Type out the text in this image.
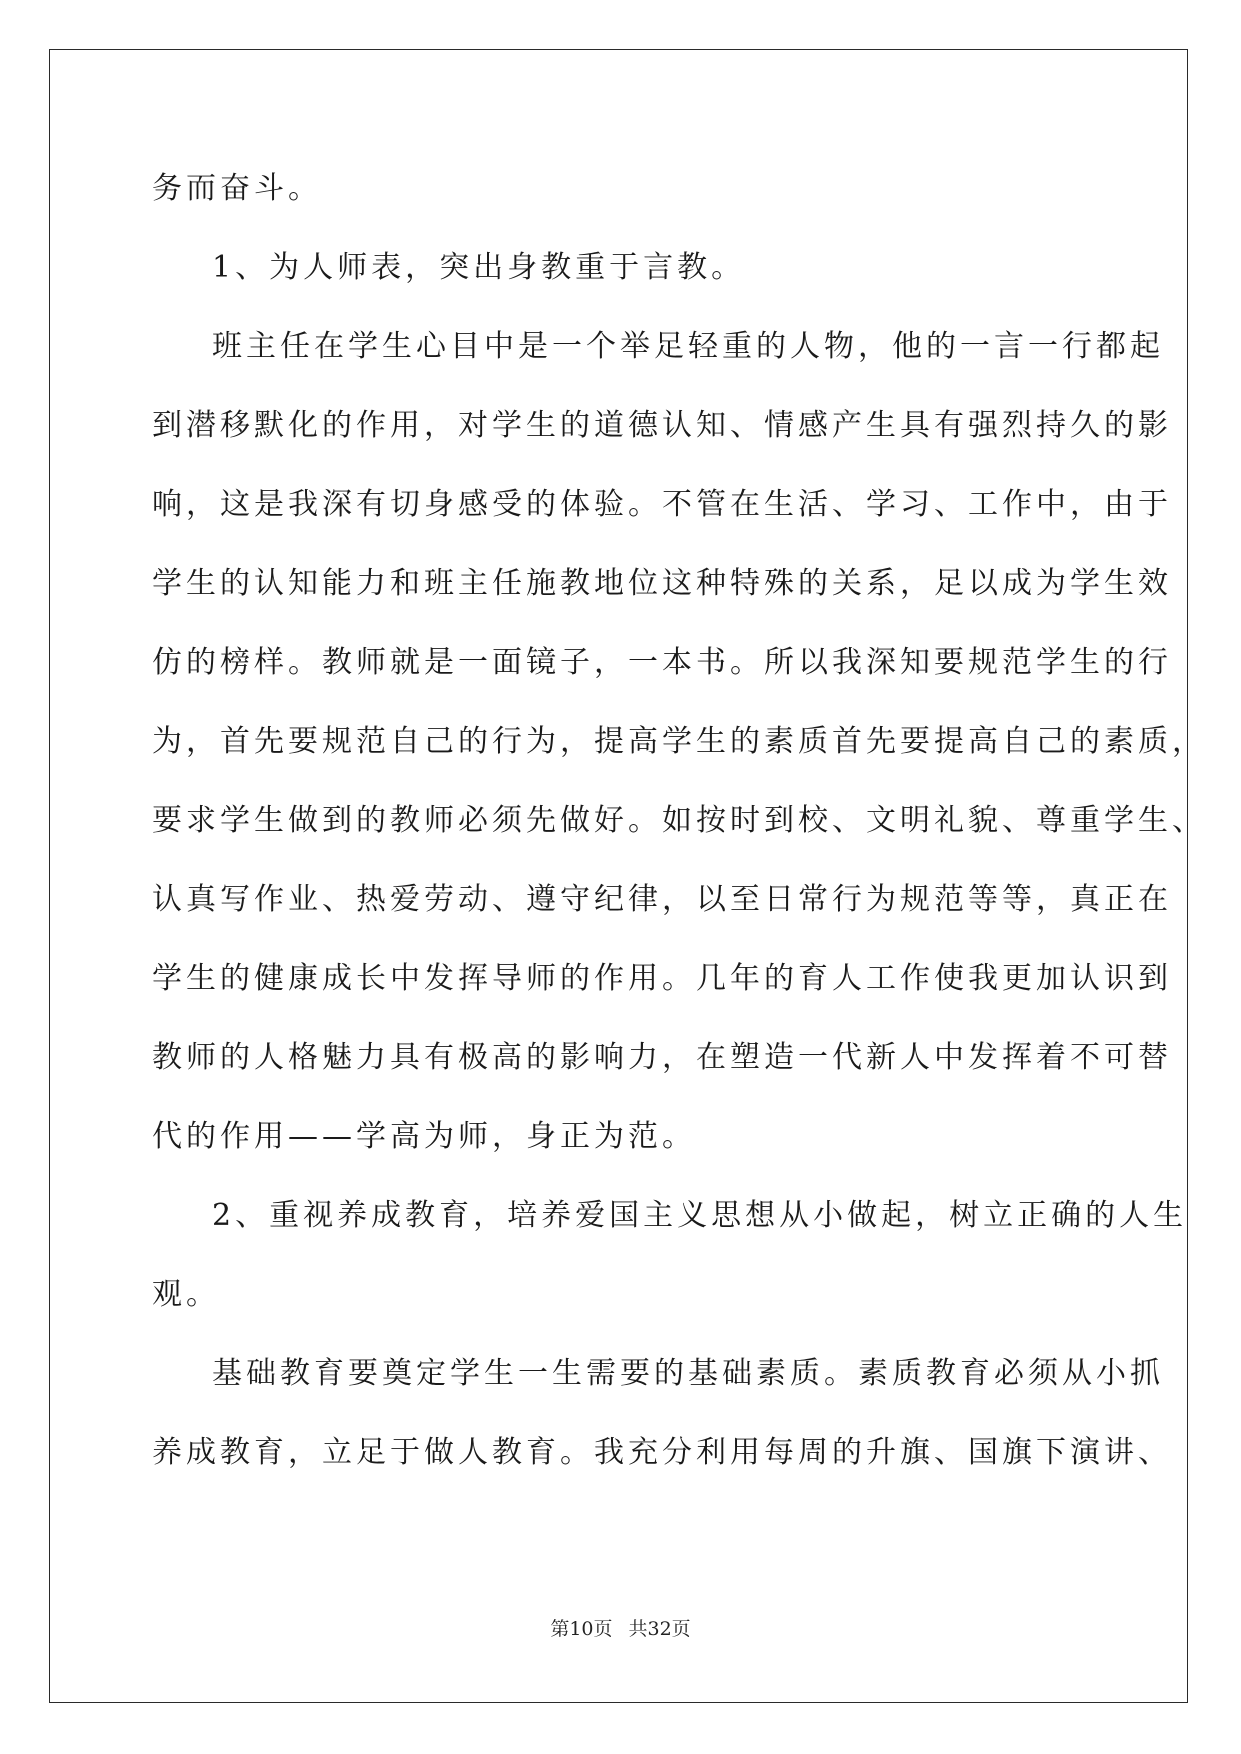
务而奋斗。
1、为人师表，突出身教重于言教。
班主任在学生心目中是一个举足轻重的人物，他的一言一行都起
到潜移默化的作用，对学生的道德认知、情感产生具有强烈持久的影
响，这是我深有切身感受的体验。不管在生活、学习、工作中，由于
学生的认知能力和班主任施教地位这种特殊的关系，足以成为学生效
仿的榜样。教师就是一面镜子，一本书。所以我深知要规范学生的行
为，首先要规范自己的行为，提高学生的素质首先要提高自己的素质，
要求学生做到的教师必须先做好。如按时到校、文明礼貌、尊重学生、
认真写作业、热爱劳动、遵守纪律，以至日常行为规范等等，真正在
学生的健康成长中发挥导师的作用。几年的育人工作使我更加认识到
教师的人格魅力具有极高的影响力，在塑造一代新人中发挥着不可替
代的作用——学高为师，身正为范。
2、重视养成教育，培养爱国主义思想从小做起，树立正确的人生
观。
基础教育要奠定学生一生需要的基础素质。素质教育必须从小抓
养成教育，立足于做人教育。我充分利用每周的升旗、国旗下演讲、
第10页 共32页
